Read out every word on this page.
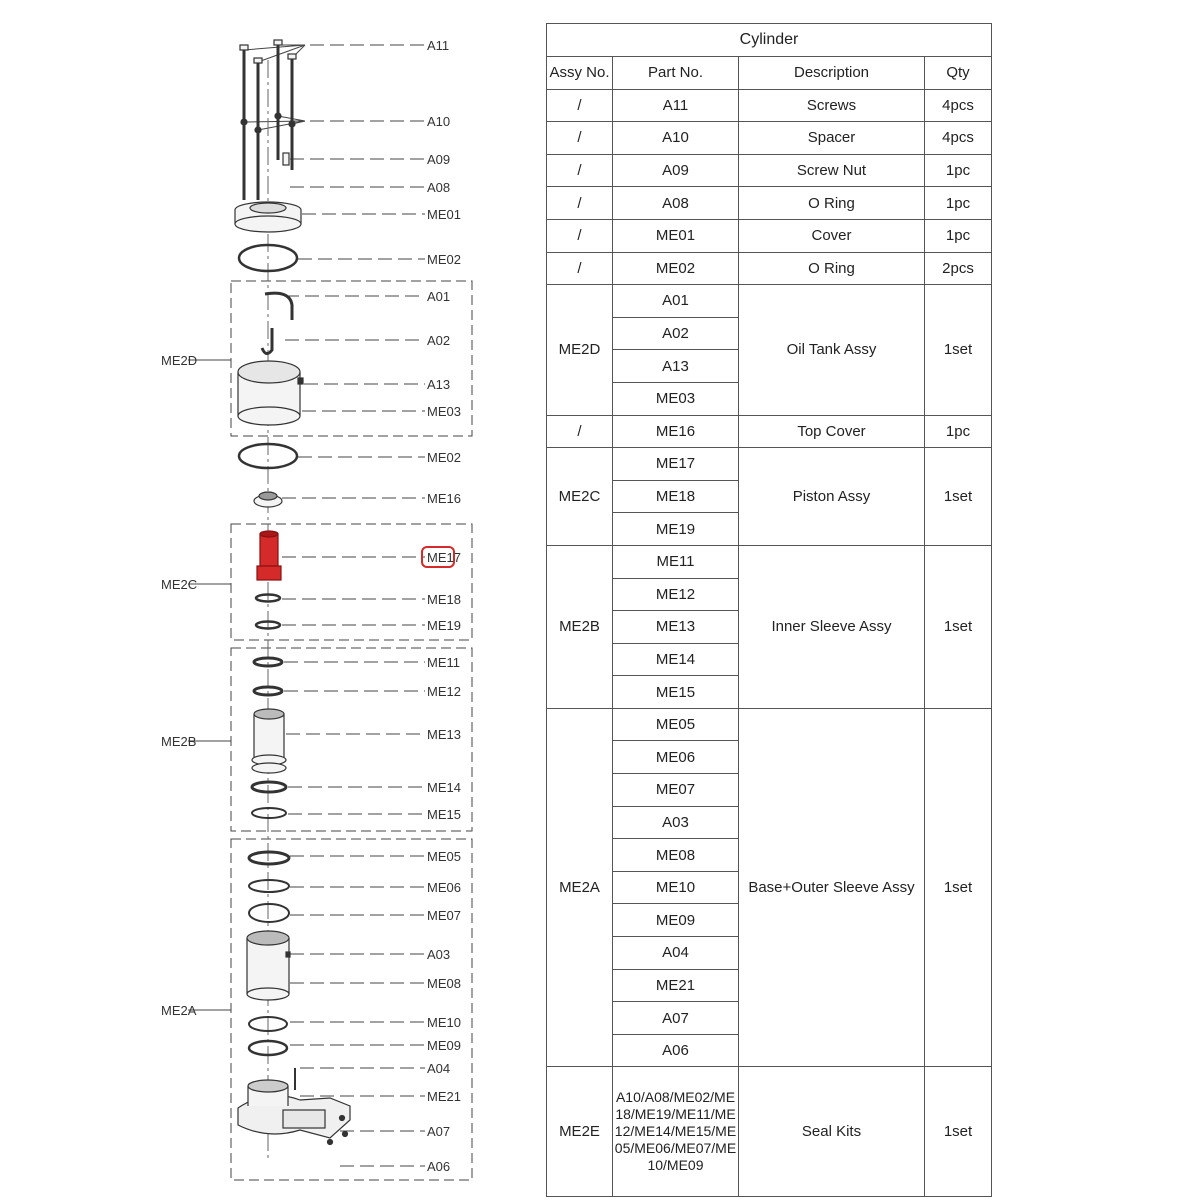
A11
A10
A09
A08
ME01
ME02
A01
A02
A13
ME03
ME02
ME16
ME17
ME18
ME19
ME11
ME12
ME13
ME14
ME15
ME05
ME06
ME07
A03
ME08
ME10
ME09
A04
ME21
A07
A06
ME2D
ME2C
ME2B
ME2A
Cylinder			
Assy No.	Part No.	Description	Qty
/	A11	Screws	4pcs
/	A10	Spacer	4pcs
/	A09	Screw Nut	1pc
/	A08	O Ring	1pc
/	ME01	Cover	1pc
/	ME02	O Ring	2pcs
ME2D	A01	Oil Tank Assy	1set
	A02		
	A13		
	ME03		
/	ME16	Top Cover	1pc
ME2C	ME17	Piston Assy	1set
	ME18		
	ME19		
ME2B	ME11	Inner Sleeve Assy	1set
	ME12		
	ME13		
	ME14		
	ME15		
ME2A	ME05	Base+Outer Sleeve Assy	1set
	ME06		
	ME07		
	A03		
	ME08		
	ME10		
	ME09		
	A04		
	ME21		
	A07		
	A06		
ME2E	A10/A08/ME02/ME18/ME19/ME11/ME12/ME14/ME15/ME05/ME06/ME07/ME10/ME09	Seal Kits	1set
